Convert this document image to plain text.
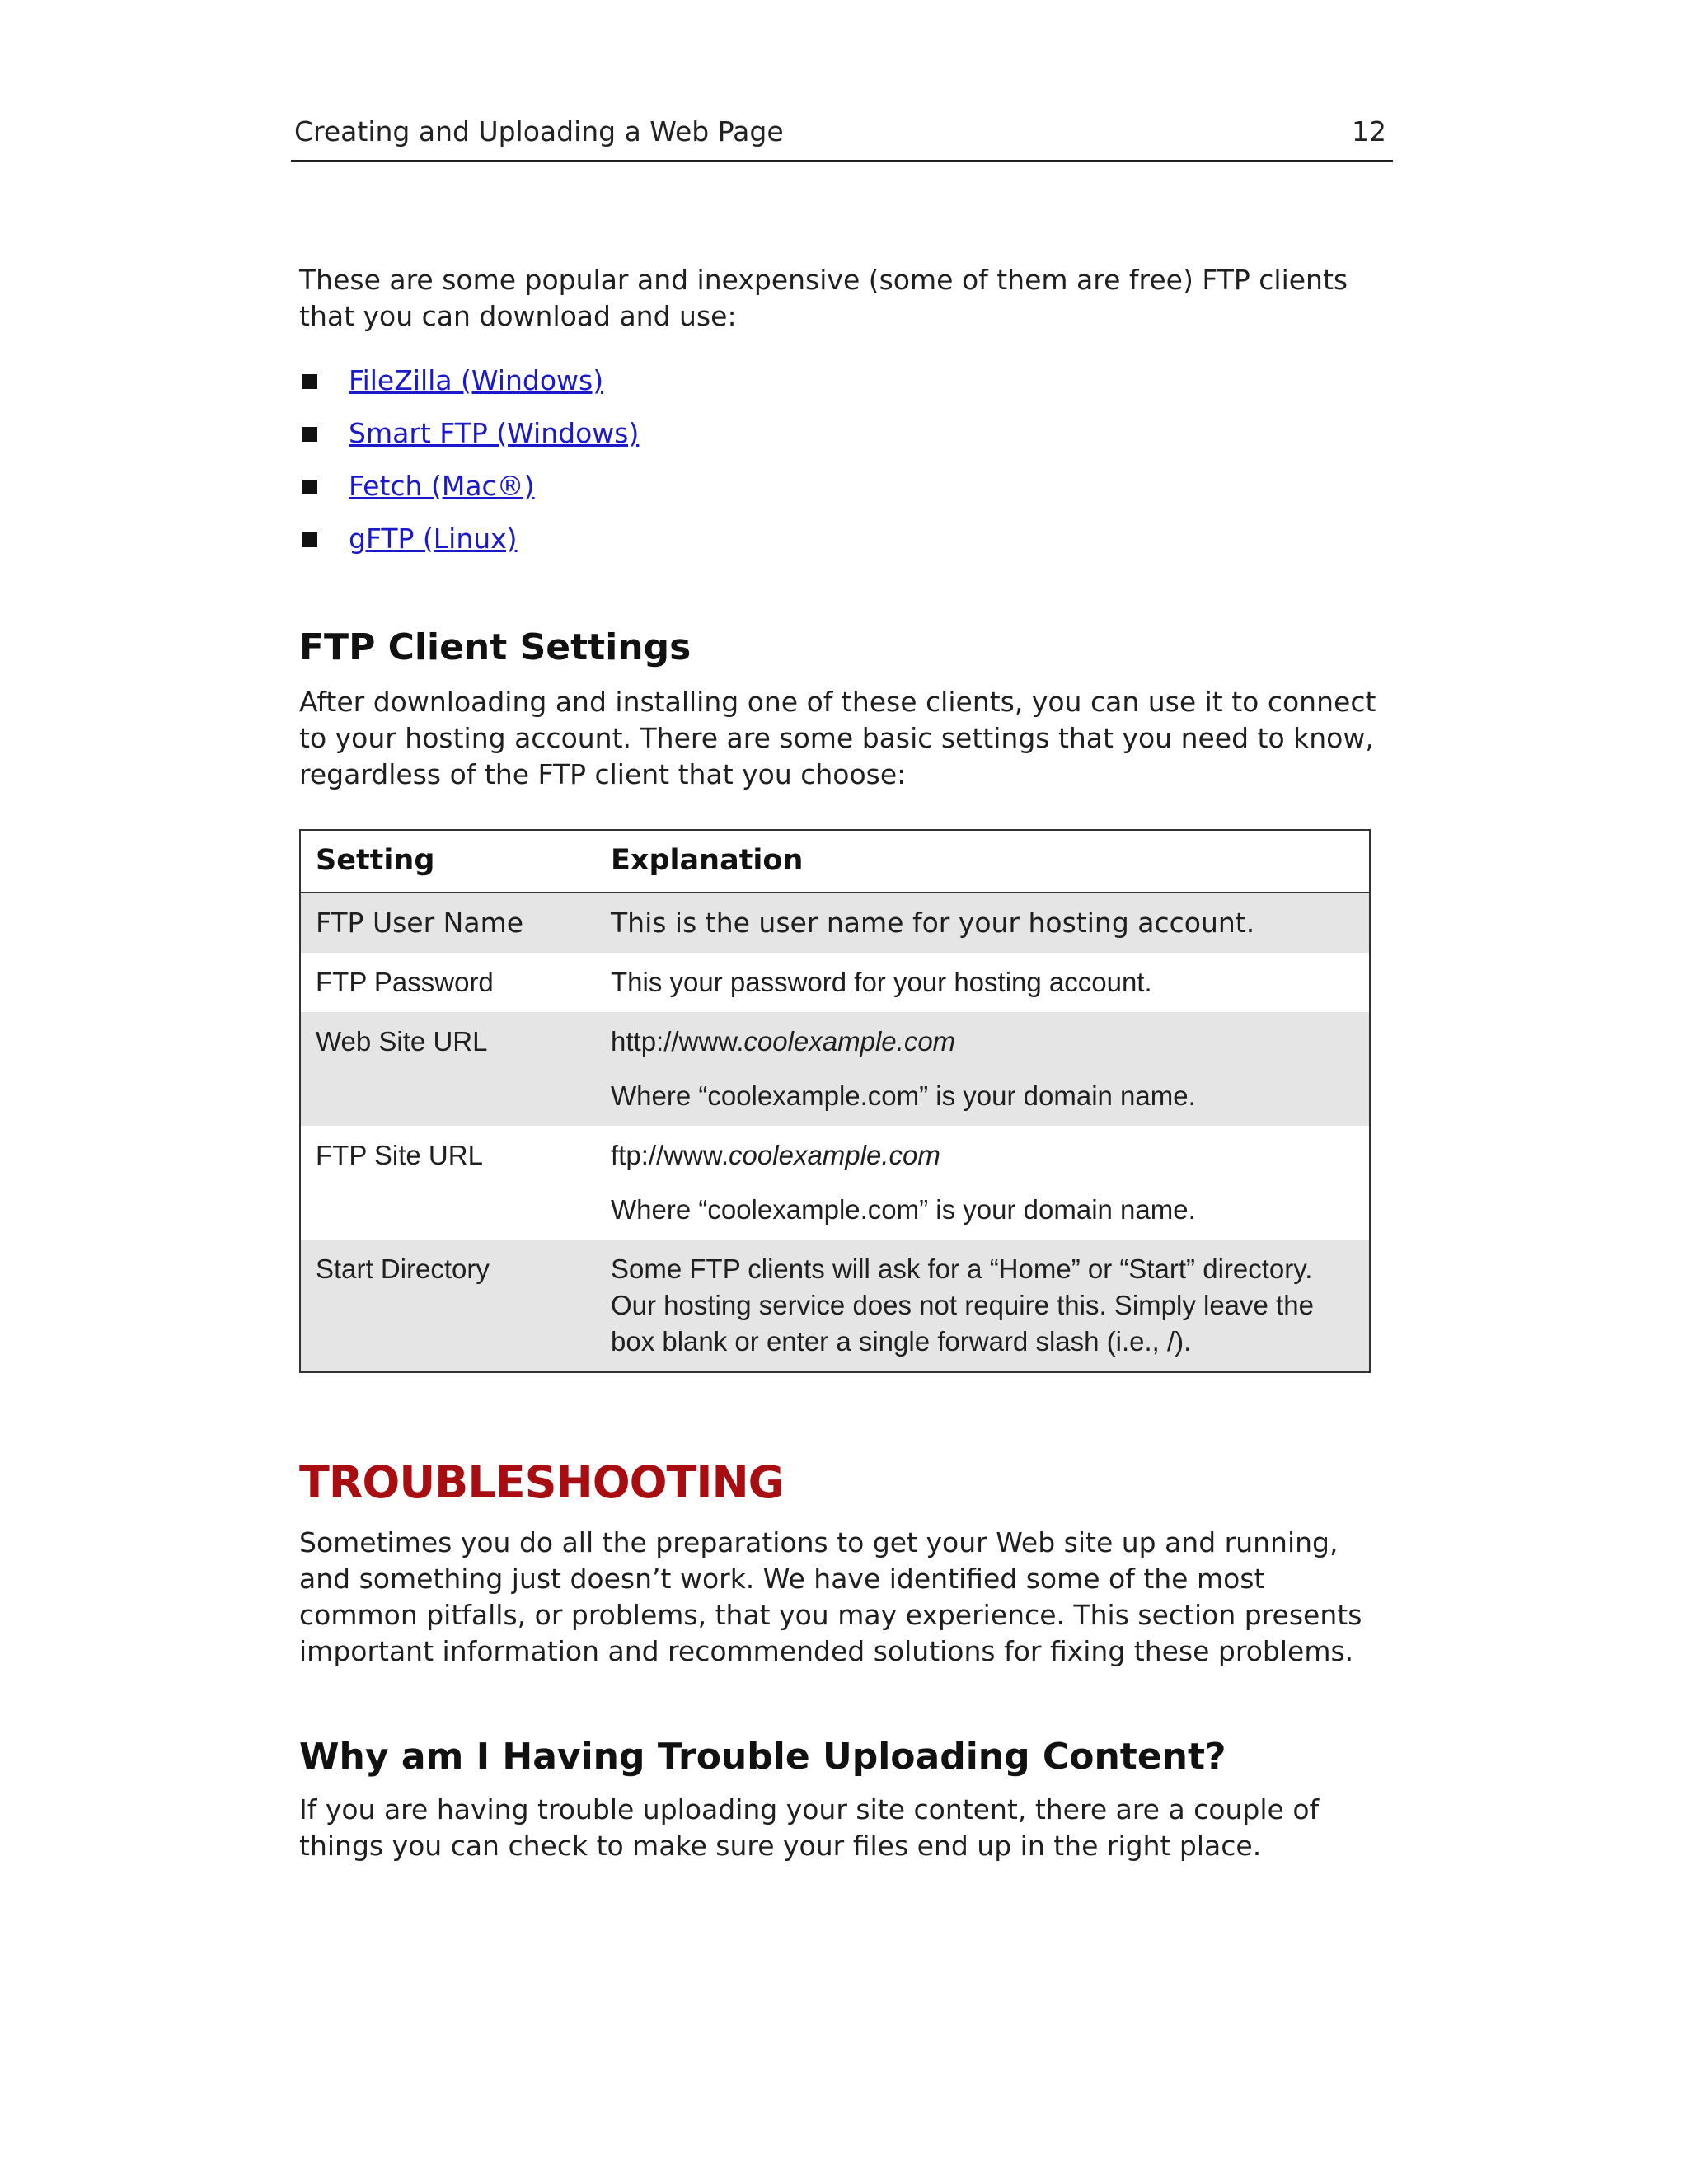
Creating and Uploading a Web Page	12

These are some popular and inexpensive (some of them are free) FTP clients that you can download and use:

FileZilla (Windows)
Smart FTP (Windows)
Fetch (Mac®)
gFTP (Linux)
FTP Client Settings

After downloading and installing one of these clients, you can use it to connect to your hosting account. There are some basic settings that you need to know, regardless of the FTP client that you choose:

Setting	Explanation
FTP User Name	This is the user name for your hosting account.
FTP Password	This your password for your hosting account.
Web Site URL	http://www.coolexample.com
Where “coolexample.com” is your domain name.

FTP Site URL	ftp://www.coolexample.com
Where “coolexample.com” is your domain name.

Start Directory	Some FTP clients will ask for a “Home” or “Start” directory. Our hosting service does not require this. Simply leave the box blank or enter a single forward slash (i.e., /).
TROUBLESHOOTING

Sometimes you do all the preparations to get your Web site up and running, and something just doesn’t work. We have identified some of the most common pitfalls, or problems, that you may experience. This section presents important information and recommended solutions for fixing these problems.

Why am I Having Trouble Uploading Content?

If you are having trouble uploading your site content, there are a couple of things you can check to make sure your files end up in the right place.
